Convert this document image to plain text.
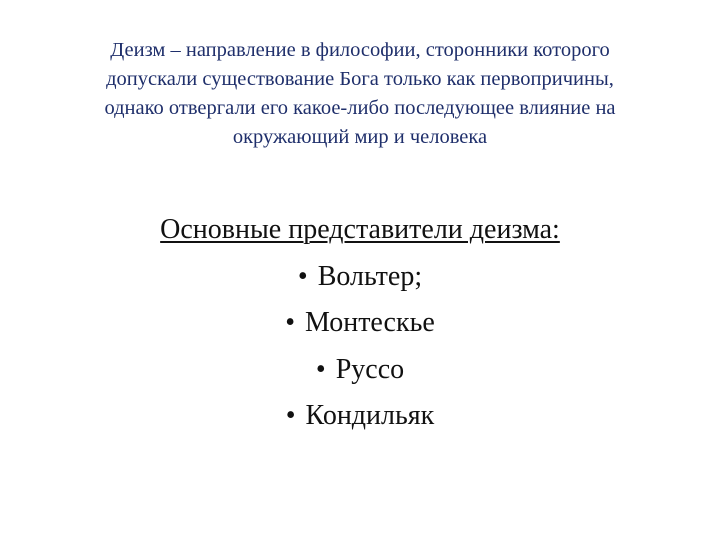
Деизм – направление в философии, сторонники которого
допускали существование Бога только как первопричины,
однако отвергали его какое-либо последующее влияние на
окружающий мир и человека
Основные представители деизма:
• Вольтер;
• Монтескье
• Руссо
• Кондильяк
